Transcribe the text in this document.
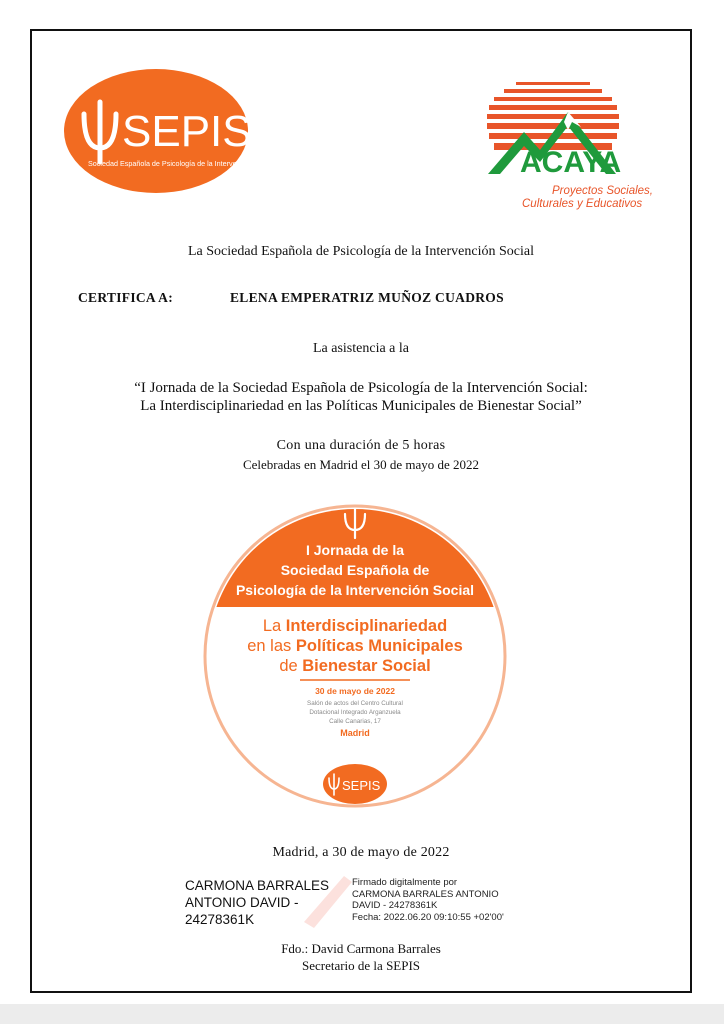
SEPIS
Sociedad Española de Psicología de la Intervención Social	ACAYA
Proyectos Sociales,
Culturales y Educativos
La Sociedad Española de Psicología de la Intervención Social
CERTIFICA A:	ELENA EMPERATRIZ MUÑOZ CUADROS
La asistencia a la
“I Jornada de la Sociedad Española de Psicología de la Intervención Social:
La Interdisciplinariedad en las Políticas Municipales de Bienestar Social”
Con una duración de 5 horas
Celebradas en Madrid el 30 de mayo de 2022
I Jornada de la
Sociedad Española de
Psicología de la Intervención Social
La Interdisciplinariedad
en las Políticas Municipales
de Bienestar Social
30 de mayo de 2022
Salón de actos del Centro Cultural
Dotacional Integrado Arganzuela
Calle Canarias, 17
Madrid
SEPIS
Madrid, a 30 de mayo de 2022
CARMONA BARRALES
ANTONIO DAVID -
24278361K
Firmado digitalmente por
CARMONA BARRALES ANTONIO
DAVID - 24278361K
Fecha: 2022.06.20 09:10:55 +02'00'
Fdo.: David Carmona Barrales
Secretario de la SEPIS
